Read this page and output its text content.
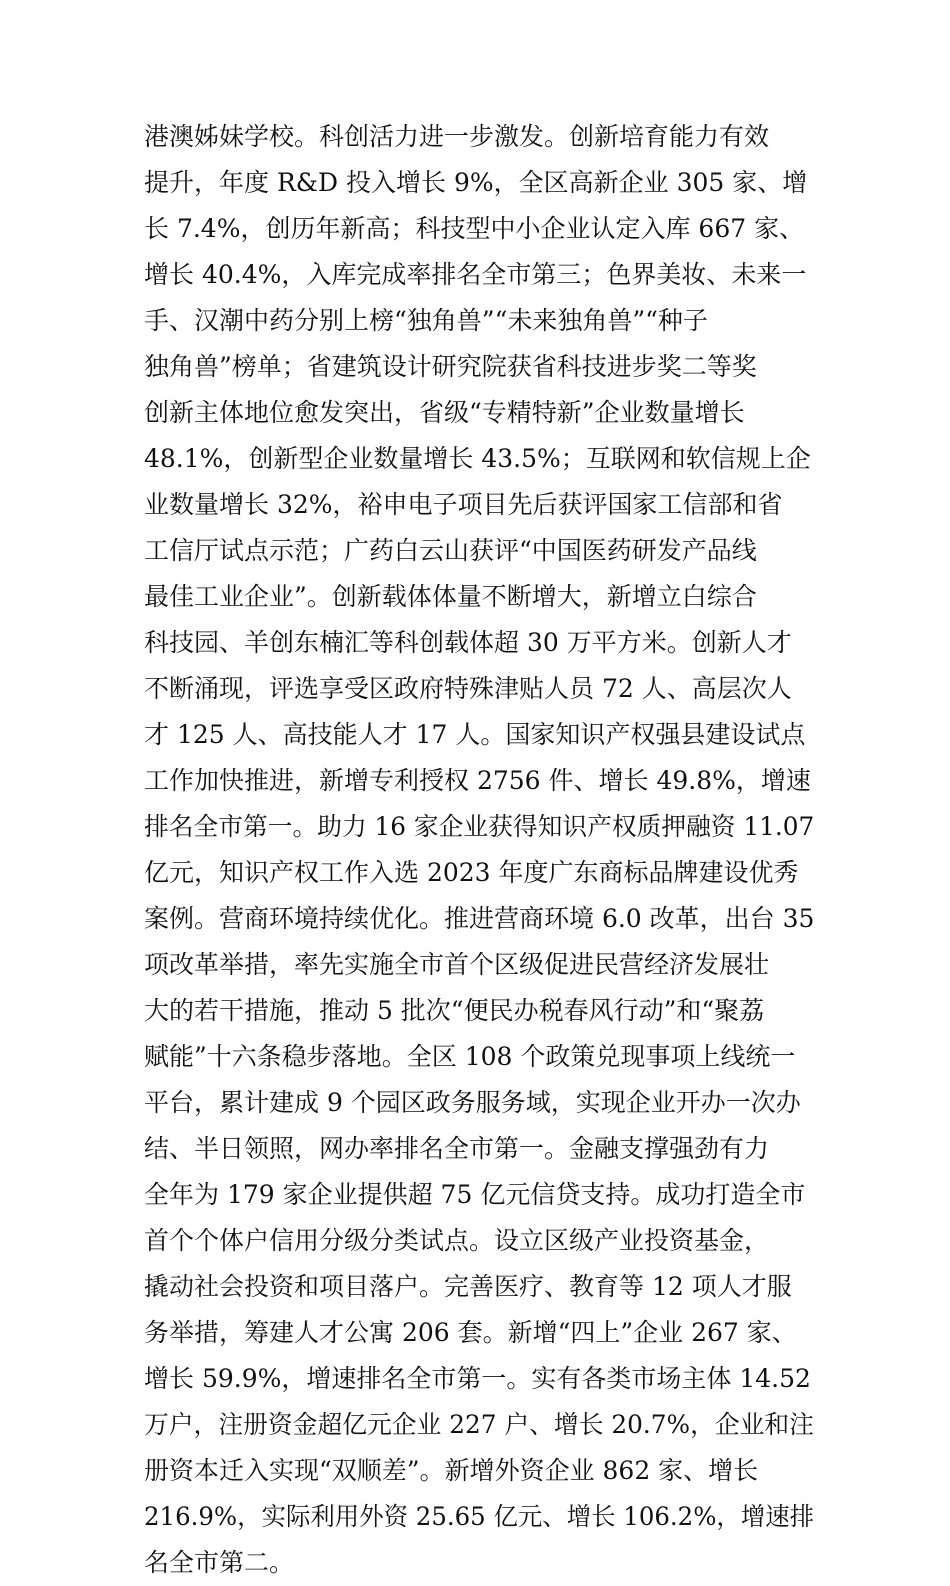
港澳姊妹学校。科创活力进一步激发。创新培育能力有效
提升，年度 R&D 投入增长 9%，全区高新企业 305 家、增
长 7.4%，创历年新高；科技型中小企业认定入库 667 家、
增长 40.4%，入库完成率排名全市第三；色界美妆、未来一
手、汉潮中药分别上榜“独角兽”“未来独角兽”“种子
独角兽”榜单；省建筑设计研究院获省科技进步奖二等奖
创新主体地位愈发突出，省级“专精特新”企业数量增长
48.1%，创新型企业数量增长 43.5%；互联网和软信规上企
业数量增长 32%，裕申电子项目先后获评国家工信部和省
工信厅试点示范；广药白云山获评“中国医药研发产品线
最佳工业企业”。创新载体体量不断增大，新增立白综合
科技园、羊创东楠汇等科创载体超 30 万平方米。创新人才
不断涌现，评选享受区政府特殊津贴人员 72 人、高层次人
才 125 人、高技能人才 17 人。国家知识产权强县建设试点
工作加快推进，新增专利授权 2756 件、增长 49.8%，增速
排名全市第一。助力 16 家企业获得知识产权质押融资 11.07
亿元，知识产权工作入选 2023 年度广东商标品牌建设优秀
案例。营商环境持续优化。推进营商环境 6.0 改革，出台 35
项改革举措，率先实施全市首个区级促进民营经济发展壮
大的若干措施，推动 5 批次“便民办税春风行动”和“聚荔
赋能”十六条稳步落地。全区 108 个政策兑现事项上线统一
平台，累计建成 9 个园区政务服务域，实现企业开办一次办
结、半日领照，网办率排名全市第一。金融支撑强劲有力
全年为 179 家企业提供超 75 亿元信贷支持。成功打造全市
首个个体户信用分级分类试点。设立区级产业投资基金，
撬动社会投资和项目落户。完善医疗、教育等 12 项人才服
务举措，筹建人才公寓 206 套。新增“四上”企业 267 家、
增长 59.9%，增速排名全市第一。实有各类市场主体 14.52
万户，注册资金超亿元企业 227 户、增长 20.7%，企业和注
册资本迁入实现“双顺差”。新增外资企业 862 家、增长
216.9%，实际利用外资 25.65 亿元、增长 106.2%，增速排
名全市第二。
